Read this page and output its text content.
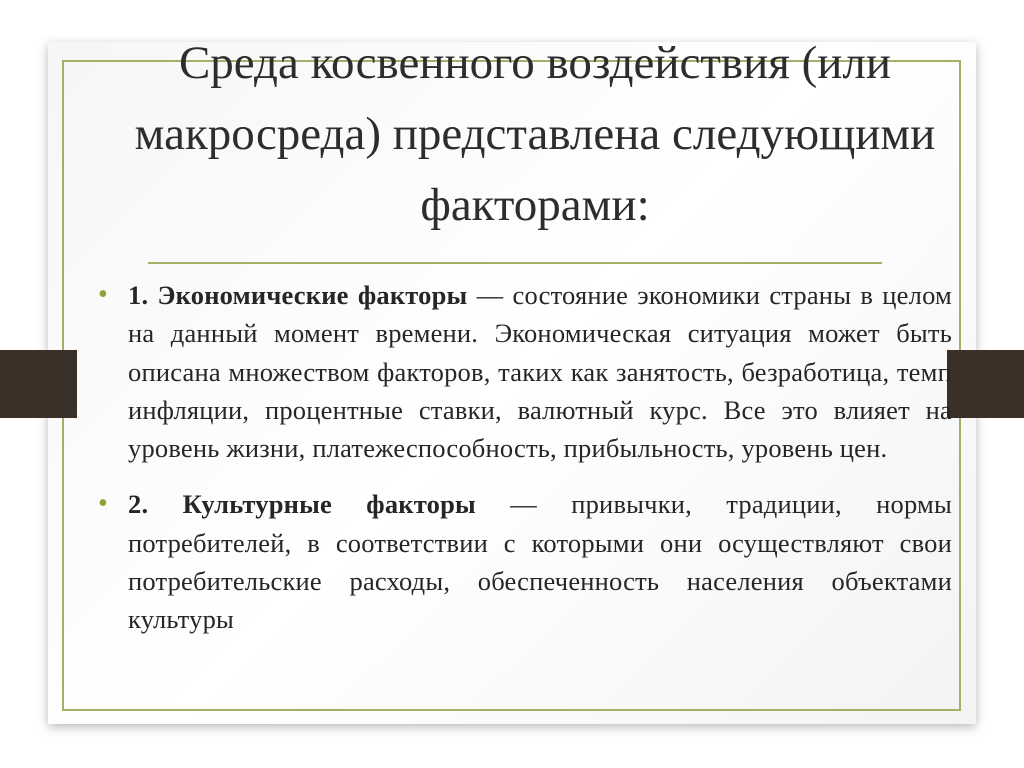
Среда косвенного воздействия (или макросреда) представлена следующими факторами:
• 1. Экономические факторы — состояние экономики страны в целом на данный момент времени. Экономическая ситуация может быть описана множеством факторов, таких как занятость, безработица, темп инфляции, процентные ставки, валютный курс. Все это влияет на уровень жизни, платежеспособность, прибыльность, уровень цен.
• 2. Культурные факторы — привычки, традиции, нормы потребителей, в соответствии с которыми они осуществляют свои потребительские расходы, обеспеченность населения объектами культуры
